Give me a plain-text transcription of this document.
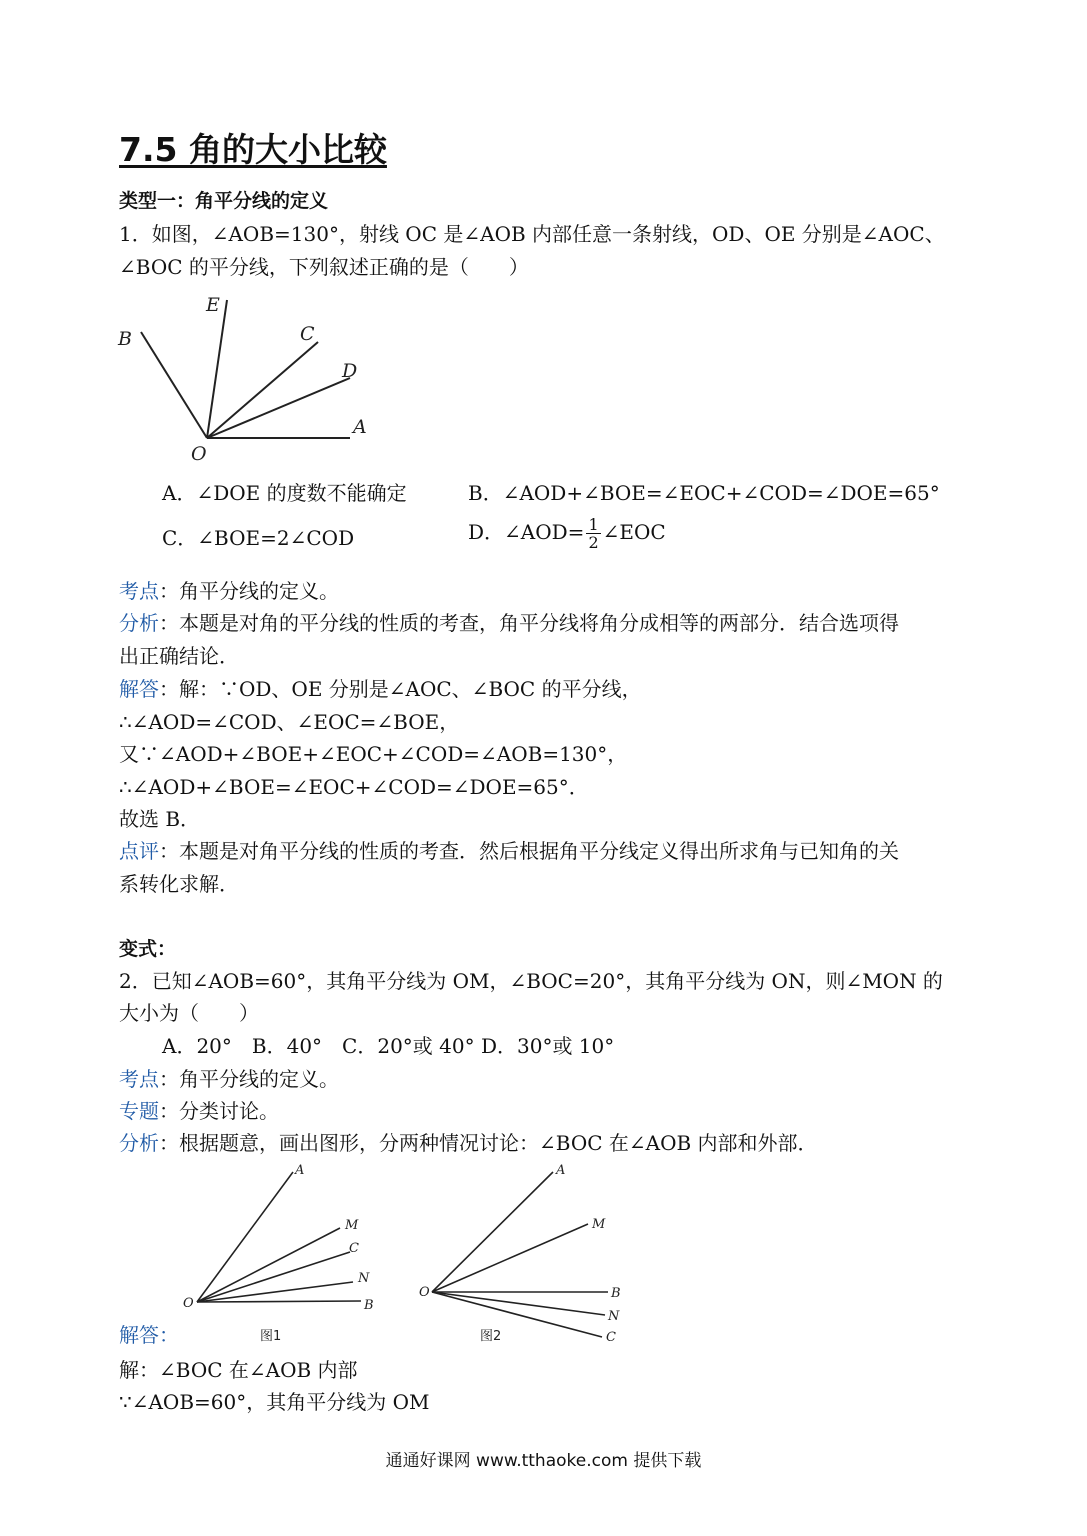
7.5 角的大小比较
类型一：角平分线的定义
1．如图，∠AOB=130°，射线 OC 是∠AOB 内部任意一条射线，OD、OE 分别是∠AOC、
∠BOC 的平分线，下列叙述正确的是（　　）
B
E
C
D
A
O
A．∠DOE 的度数不能确定	B．∠AOD+∠BOE=∠EOC+∠COD=∠DOE=65°
C．∠BOE=2∠COD	D．∠AOD= $\frac{1}{2}$ ∠EOC
考点：角平分线的定义。
分析：本题是对角的平分线的性质的考查，角平分线将角分成相等的两部分．结合选项得
出正确结论．
解答：解：∵OD、OE 分别是∠AOC、∠BOC 的平分线，
∴∠AOD=∠COD、∠EOC=∠BOE，
又∵∠AOD+∠BOE+∠EOC+∠COD=∠AOB=130°，
∴∠AOD+∠BOE=∠EOC+∠COD=∠DOE=65°．
故选 B．
点评：本题是对角平分线的性质的考查．然后根据角平分线定义得出所求角与已知角的关
系转化求解．
变式：
2．已知∠AOB=60°，其角平分线为 OM，∠BOC=20°，其角平分线为 ON，则∠MON 的
大小为（　　）
A．20°　B．40°　C．20°或 40° D．30°或 10°
考点：角平分线的定义。
专题：分类讨论。
分析：根据题意，画出图形，分两种情况讨论：∠BOC 在∠AOB 内部和外部．
A
M
C
N
B
O
图1
A
M
B
N
C
O
图2
解答：
解：∠BOC 在∠AOB 内部
∵∠AOB=60°，其角平分线为 OM
通通好课网 www.tthaoke.com 提供下载
